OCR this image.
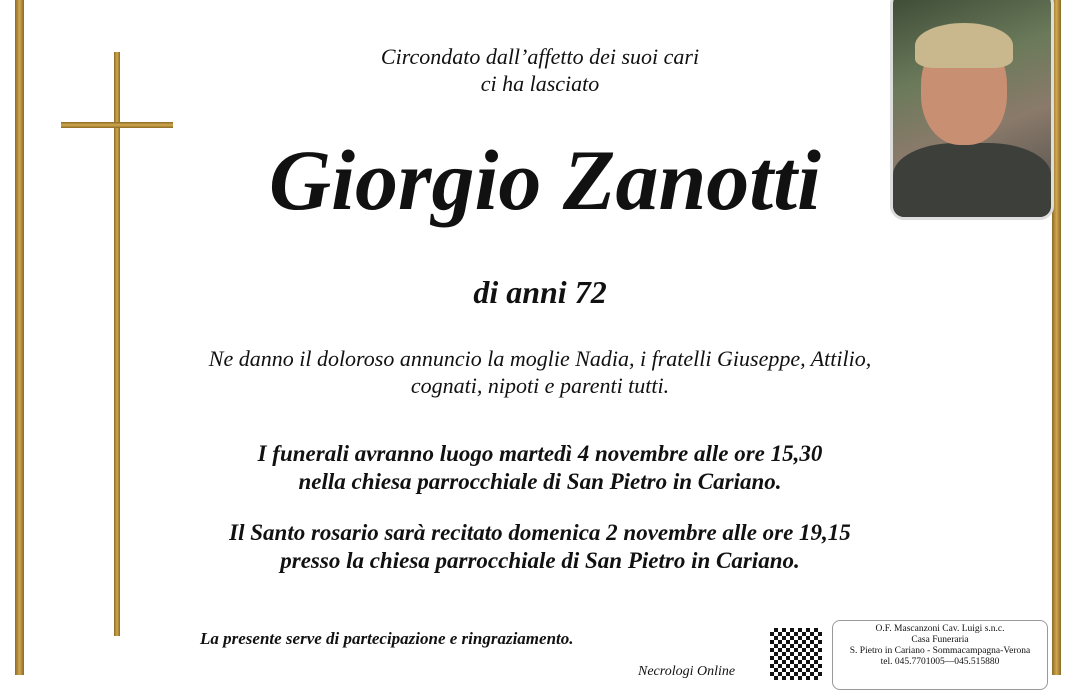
Circondato dall’affetto dei suoi cari
ci ha lasciato
Giorgio Zanotti
di anni 72
Ne danno il doloroso annuncio la moglie Nadia, i fratelli Giuseppe, Attilio,
cognati, nipoti e parenti tutti.
I funerali avranno luogo martedì 4 novembre alle ore 15,30
nella chiesa parrocchiale di San Pietro in Cariano.
Il Santo rosario sarà recitato domenica 2 novembre alle ore 19,15
presso la chiesa parrocchiale di San Pietro in Cariano.
La presente serve di partecipazione e ringraziamento.
Necrologi Online
O.F. Mascanzoni Cav. Luigi s.n.c.
Casa Funeraria
S. Pietro in Cariano - Sommacampagna-Verona
tel. 045.7701005—045.515880
